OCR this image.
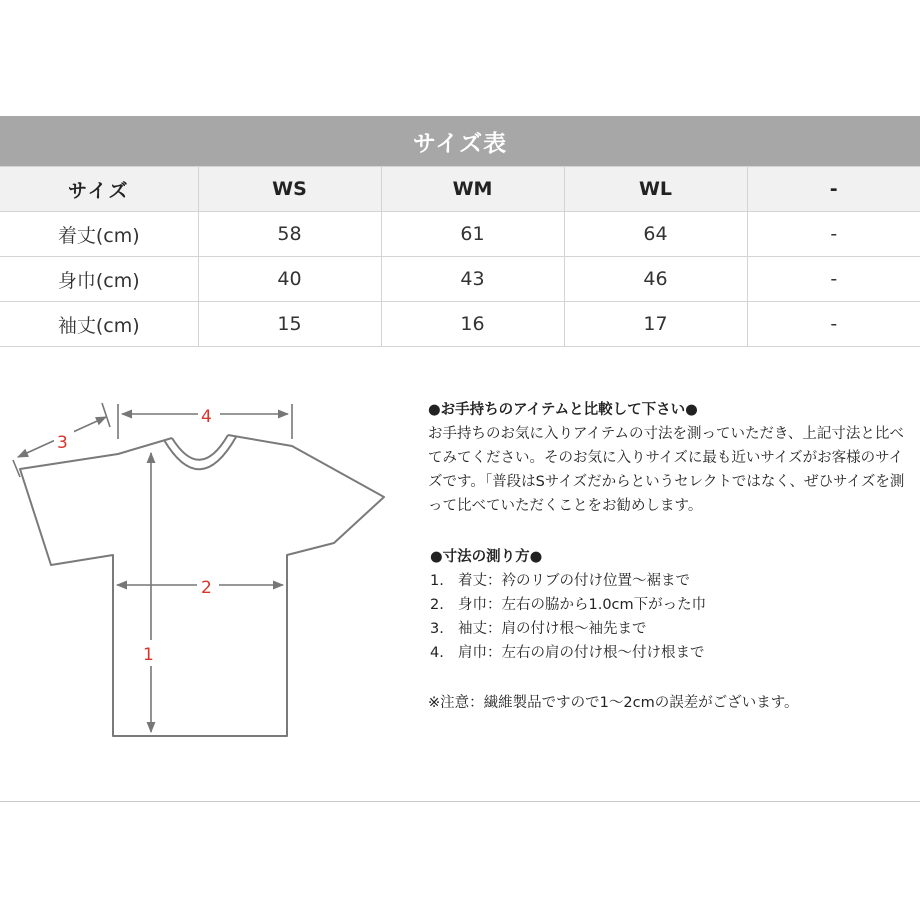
サイズ表
サイズ	WS	WM	WL	-
着丈(cm)	58	61	64	-
身巾(cm)	40	43	46	-
袖丈(cm)	15	16	17	-
4
3
2
1

●お手持ちのアイテムと比較して下さい●

お手持ちのお気に入りアイテムの寸法を測っていただき、上記寸法と比べてみてください。そのお気に入りサイズに最も近いサイズがお客様のサイズです。「普段はSサイズだからというセレクトではなく、ぜひサイズを測って比べていただくことをお勧めします。

●寸法の測り方●

1. 着丈：衿のリブの付け位置～裾まで
2. 身巾：左右の脇から1.0cm下がった巾
3. 袖丈：肩の付け根～袖先まで
4. 肩巾：左右の肩の付け根～付け根まで

※注意：繊維製品ですので1～2cmの誤差がございます。
